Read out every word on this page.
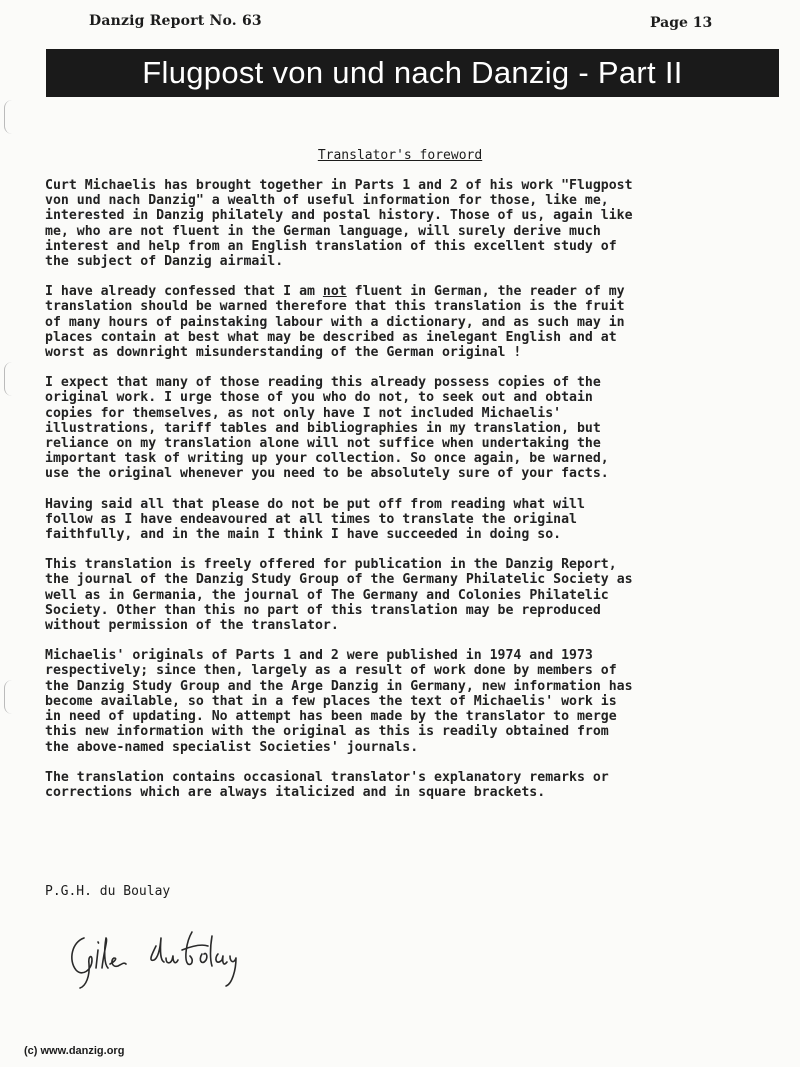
Danzig Report No. 63	Page 13
Flugpost von und nach Danzig - Part II
Translator's foreword
Curt Michaelis has brought together in Parts 1 and 2 of his work "Flugpost
von und nach Danzig" a wealth of useful information for those, like me,
interested in Danzig philately and postal history. Those of us, again like
me, who are not fluent in the German language, will surely derive much
interest and help from an English translation of this excellent study of
the subject of Danzig airmail.
I have already confessed that I am not fluent in German, the reader of my
translation should be warned therefore that this translation is the fruit
of many hours of painstaking labour with a dictionary, and as such may in
places contain at best what may be described as inelegant English and at
worst as downright misunderstanding of the German original !
I expect that many of those reading this already possess copies of the
original work. I urge those of you who do not, to seek out and obtain
copies for themselves, as not only have I not included Michaelis'
illustrations, tariff tables and bibliographies in my translation, but
reliance on my translation alone will not suffice when undertaking the
important task of writing up your collection. So once again, be warned,
use the original whenever you need to be absolutely sure of your facts.
Having said all that please do not be put off from reading what will
follow as I have endeavoured at all times to translate the original
faithfully, and in the main I think I have succeeded in doing so.
This translation is freely offered for publication in the Danzig Report,
the journal of the Danzig Study Group of the Germany Philatelic Society as
well as in Germania, the journal of The Germany and Colonies Philatelic
Society. Other than this no part of this translation may be reproduced
without permission of the translator.
Michaelis' originals of Parts 1 and 2 were published in 1974 and 1973
respectively; since then, largely as a result of work done by members of
the Danzig Study Group and the Arge Danzig in Germany, new information has
become available, so that in a few places the text of Michaelis' work is
in need of updating. No attempt has been made by the translator to merge
this new information with the original as this is readily obtained from
the above-named specialist Societies' journals.
The translation contains occasional translator's explanatory remarks or
corrections which are always italicized and in square brackets.
P.G.H. du Boulay
(c) www.danzig.org
